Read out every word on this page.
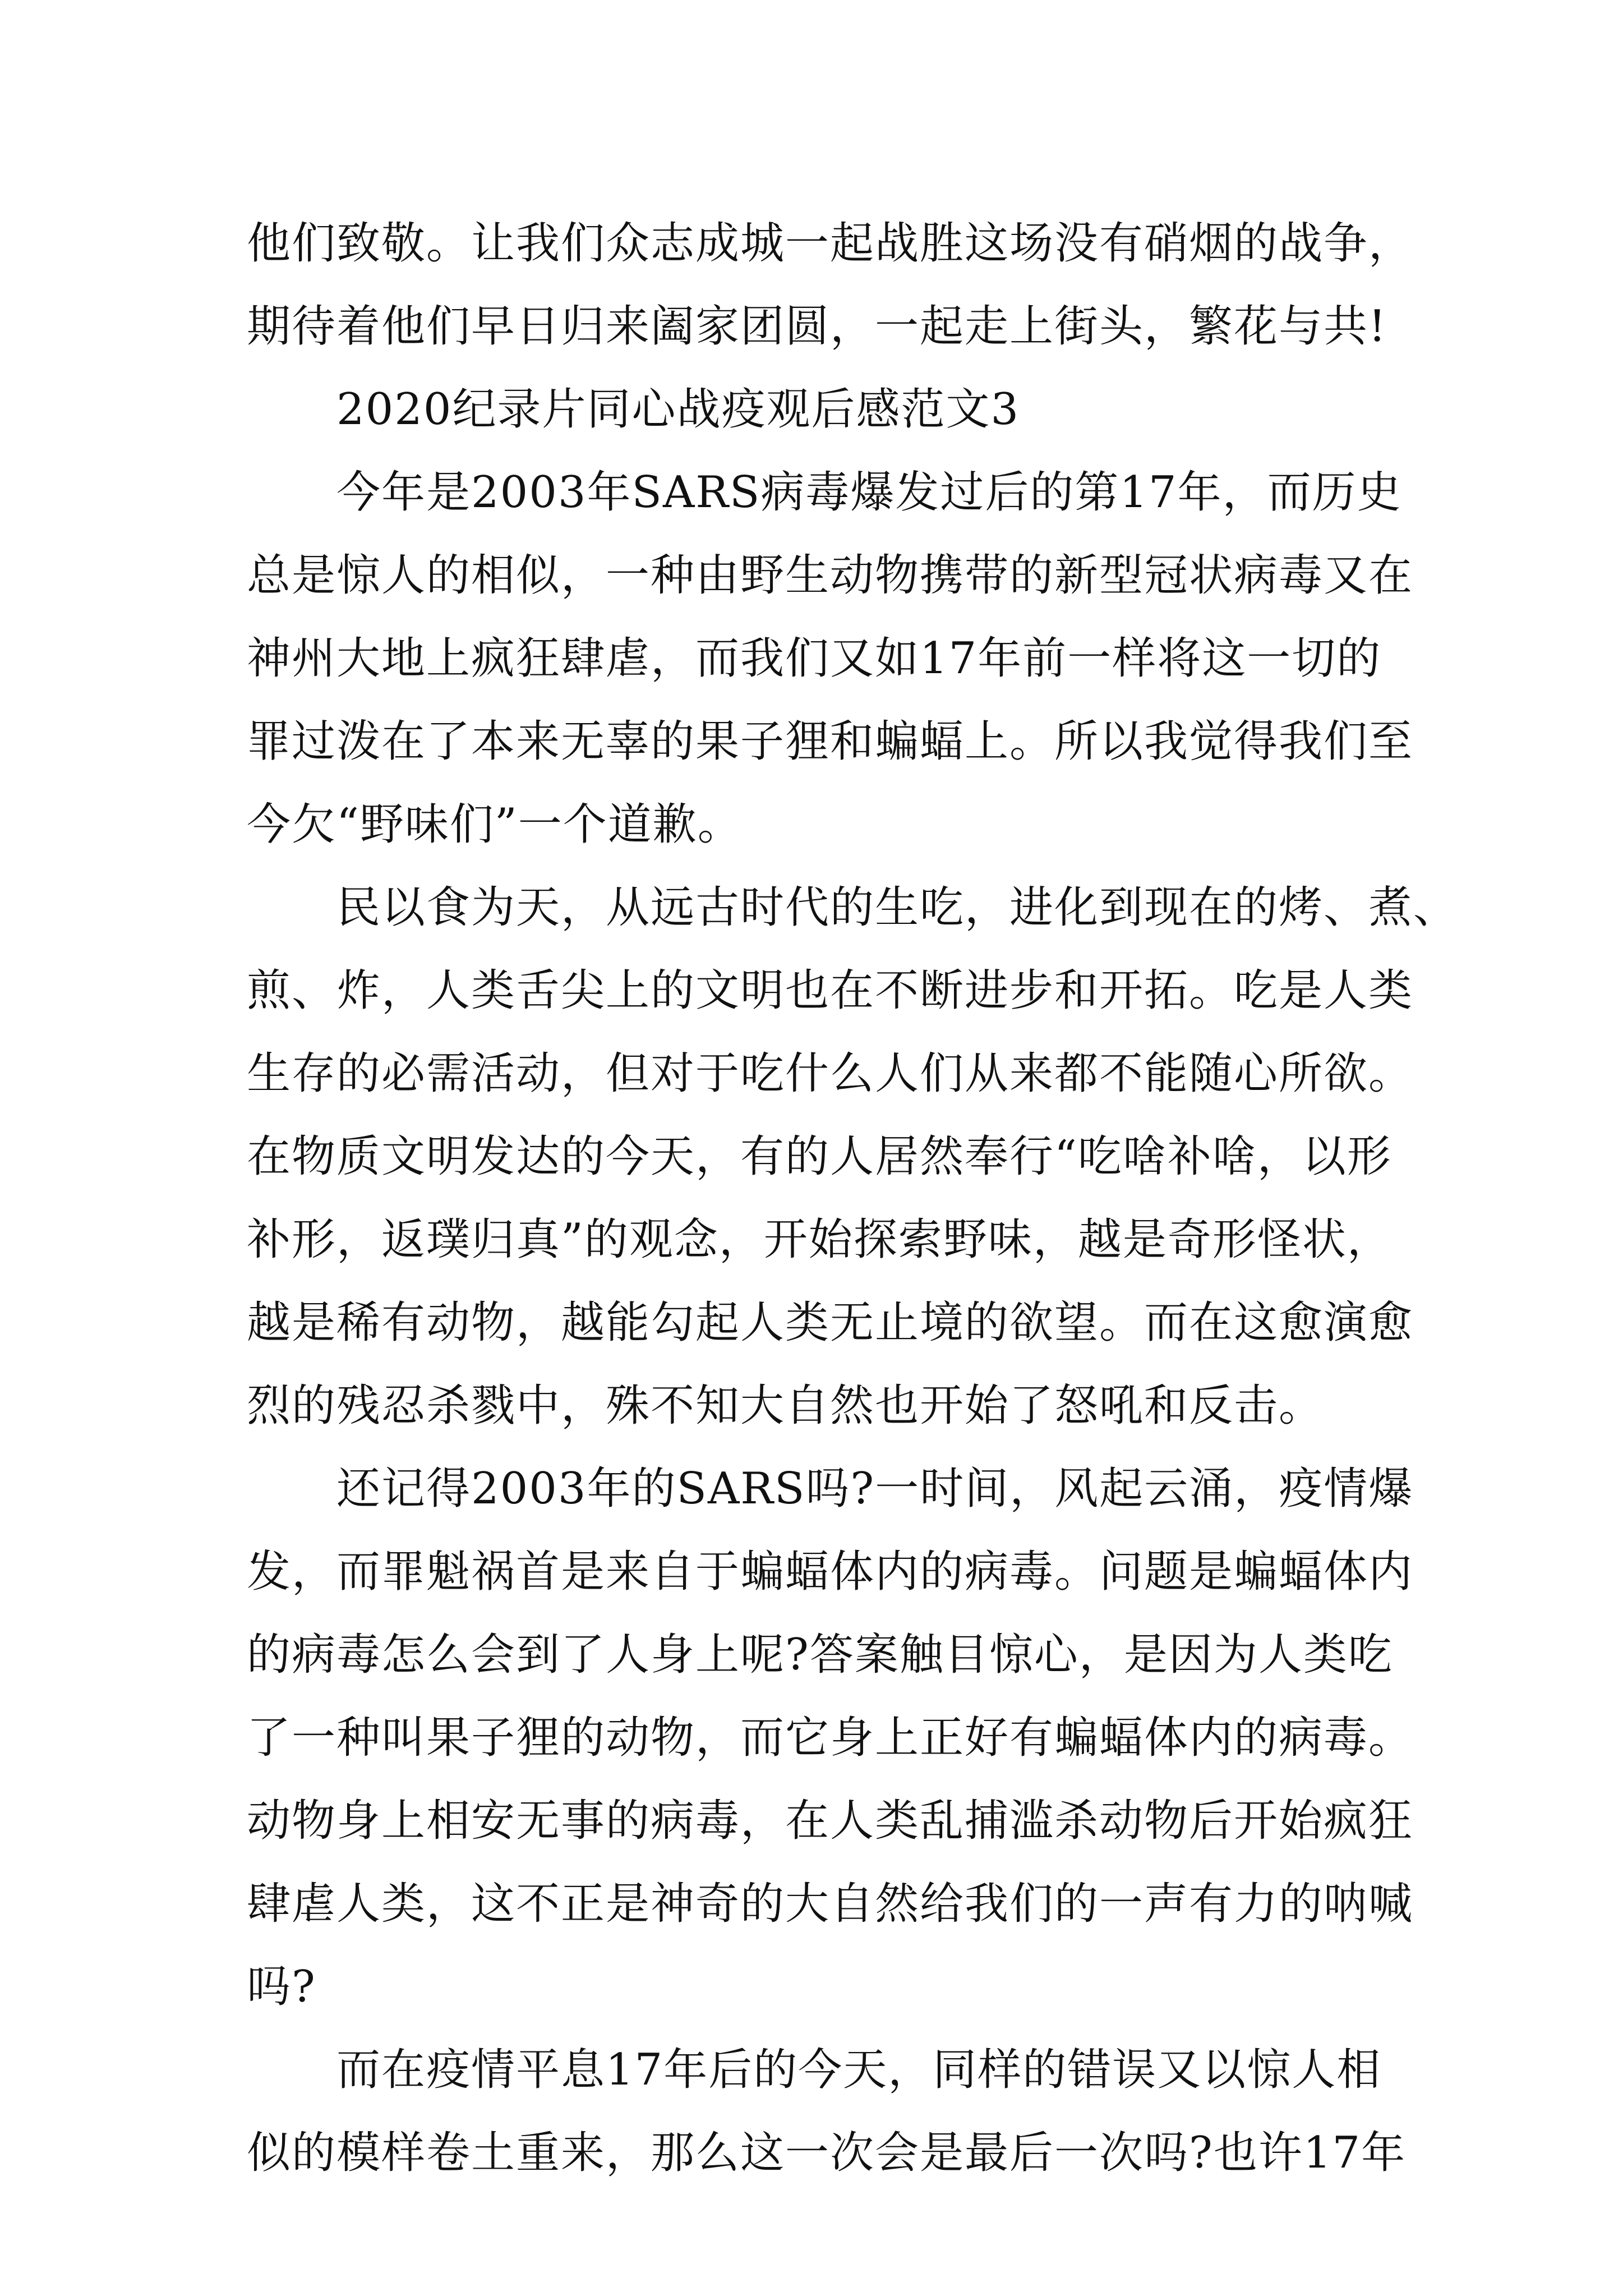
他们致敬。让我们众志成城一起战胜这场没有硝烟的战争，
期待着他们早日归来阖家团圆，一起走上街头，繁花与共!
2020纪录片同心战疫观后感范文3
今年是2003年SARS病毒爆发过后的第17年，而历史
总是惊人的相似，一种由野生动物携带的新型冠状病毒又在
神州大地上疯狂肆虐，而我们又如17年前一样将这一切的
罪过泼在了本来无辜的果子狸和蝙蝠上。所以我觉得我们至
今欠“野味们”一个道歉。
民以食为天，从远古时代的生吃，进化到现在的烤、煮、
煎、炸，人类舌尖上的文明也在不断进步和开拓。吃是人类
生存的必需活动，但对于吃什么人们从来都不能随心所欲。
在物质文明发达的今天，有的人居然奉行“吃啥补啥，以形
补形，返璞归真”的观念，开始探索野味，越是奇形怪状，
越是稀有动物，越能勾起人类无止境的欲望。而在这愈演愈
烈的残忍杀戮中，殊不知大自然也开始了怒吼和反击。
还记得2003年的SARS吗?一时间，风起云涌，疫情爆
发，而罪魁祸首是来自于蝙蝠体内的病毒。问题是蝙蝠体内
的病毒怎么会到了人身上呢?答案触目惊心，是因为人类吃
了一种叫果子狸的动物，而它身上正好有蝙蝠体内的病毒。
动物身上相安无事的病毒，在人类乱捕滥杀动物后开始疯狂
肆虐人类，这不正是神奇的大自然给我们的一声有力的呐喊
吗?
而在疫情平息17年后的今天，同样的错误又以惊人相
似的模样卷土重来，那么这一次会是最后一次吗?也许17年
